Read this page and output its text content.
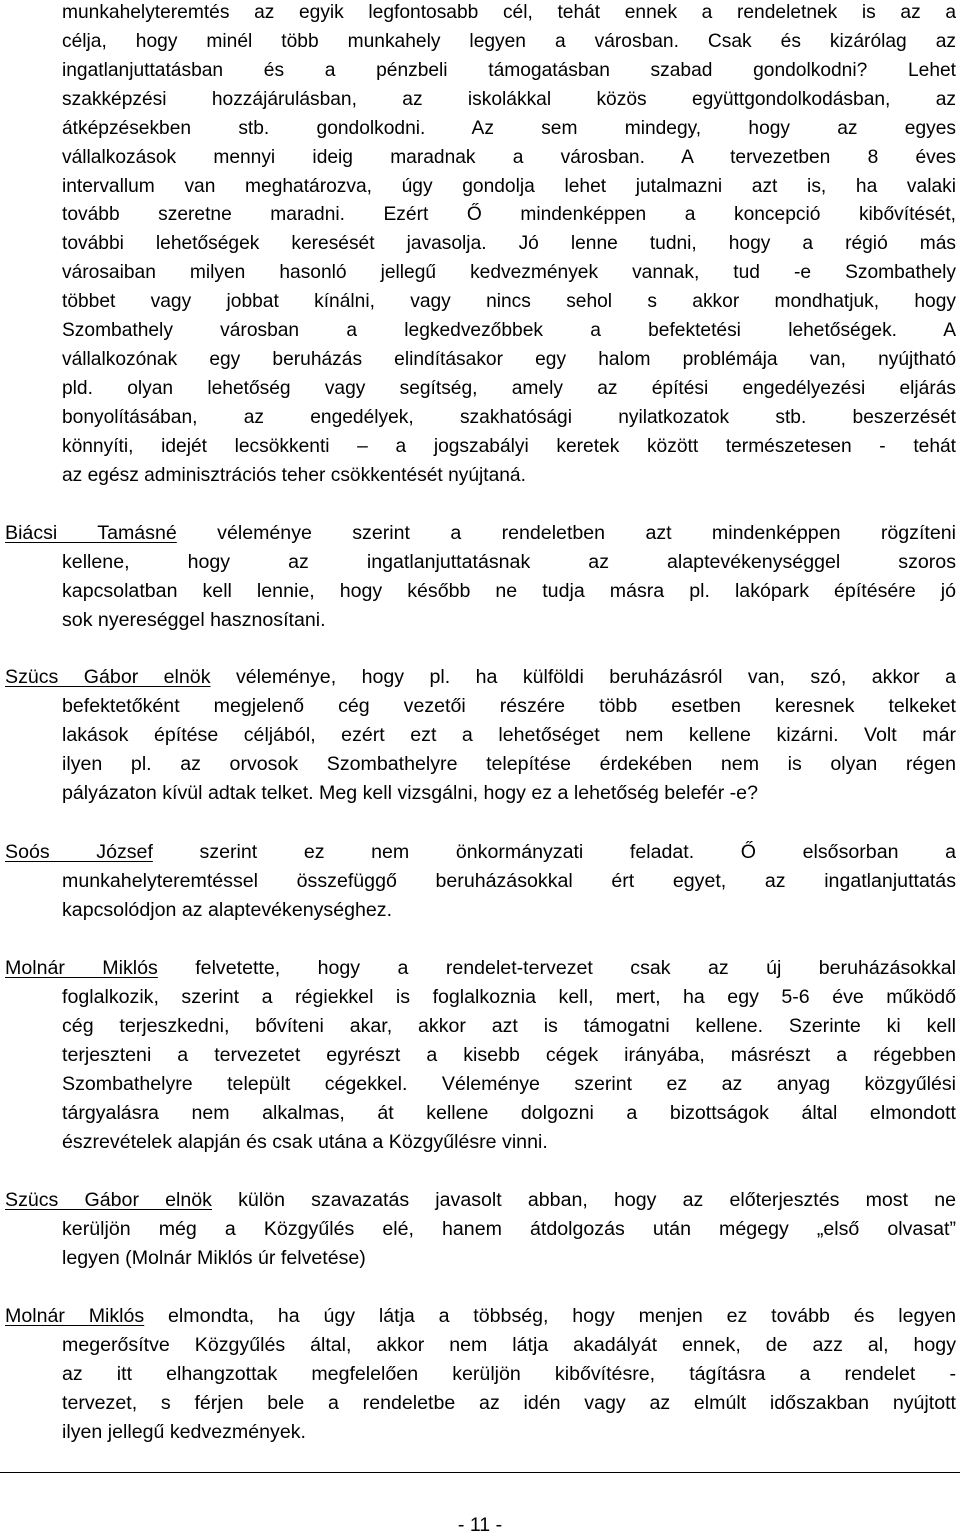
munkahelyteremtés az egyik legfontosabb cél, tehát ennek a rendeletnek is az a
célja, hogy minél több munkahely legyen a városban. Csak és kizárólag az
ingatlanjuttatásban és a pénzbeli támogatásban szabad gondolkodni? Lehet
szakképzési hozzájárulásban, az iskolákkal közös együttgondolkodásban, az
átképzésekben stb. gondolkodni. Az sem mindegy, hogy az egyes
vállalkozások mennyi ideig maradnak a városban. A tervezetben 8 éves
intervallum van meghatározva, úgy gondolja lehet jutalmazni azt is, ha valaki
tovább szeretne maradni. Ezért Ő mindenképpen a koncepció kibővítését,
további lehetőségek keresését javasolja. Jó lenne tudni, hogy a régió más
városaiban milyen hasonló jellegű kedvezmények vannak, tud -e Szombathely
többet vagy jobbat kínálni, vagy nincs sehol s akkor mondhatjuk, hogy
Szombathely városban a legkedvezőbbek a befektetési lehetőségek. A
vállalkozónak egy beruházás elindításakor egy halom problémája van, nyújtható
pld. olyan lehetőség vagy segítség, amely az építési engedélyezési eljárás
bonyolításában, az engedélyek, szakhatósági nyilatkozatok stb. beszerzését
könnyíti, idejét lecsökkenti – a jogszabályi keretek között természetesen - tehát
az egész adminisztrációs teher csökkentését nyújtaná.
Biácsi Tamásné véleménye szerint a rendeletben azt mindenképpen rögzíteni
kellene, hogy az ingatlanjuttatásnak az alaptevékenységgel szoros
kapcsolatban kell lennie, hogy később ne tudja másra pl. lakópark építésére jó
sok nyereséggel hasznosítani.
Szücs Gábor elnök véleménye, hogy pl. ha külföldi beruházásról van, szó, akkor a
befektetőként megjelenő cég vezetői részére több esetben keresnek telkeket
lakások építése céljából, ezért ezt a lehetőséget nem kellene kizárni. Volt már
ilyen pl. az orvosok Szombathelyre telepítése érdekében nem is olyan régen
pályázaton kívül adtak telket. Meg kell vizsgálni, hogy ez a lehetőség belefér -e?
Soós József szerint ez nem önkormányzati feladat. Ő elsősorban a
munkahelyteremtéssel összefüggő beruházásokkal ért egyet, az ingatlanjuttatás
kapcsolódjon az alaptevékenységhez.
Molnár Miklós felvetette, hogy a rendelet-tervezet csak az új beruházásokkal
foglalkozik, szerint a régiekkel is foglalkoznia kell, mert, ha egy 5-6 éve működő
cég terjeszkedni, bővíteni akar, akkor azt is támogatni kellene. Szerinte ki kell
terjeszteni a tervezetet egyrészt a kisebb cégek irányába, másrészt a régebben
Szombathelyre települt cégekkel. Véleménye szerint ez az anyag közgyűlési
tárgyalásra nem alkalmas, át kellene dolgozni a bizottságok által elmondott
észrevételek alapján és csak utána a Közgyűlésre vinni.
Szücs Gábor elnök külön szavazatás javasolt abban, hogy az előterjesztés most ne
kerüljön még a Közgyűlés elé, hanem átdolgozás után mégegy „első olvasat”
legyen (Molnár Miklós úr felvetése)
Molnár Miklós elmondta, ha úgy látja a többség, hogy menjen ez tovább és legyen
megerősítve Közgyűlés által, akkor nem látja akadályát ennek, de azz al, hogy
az itt elhangzottak megfelelően kerüljön kibővítésre, tágításra a rendelet -
tervezet, s férjen bele a rendeletbe az idén vagy az elmúlt időszakban nyújtott
ilyen jellegű kedvezmények.
- 11 -
